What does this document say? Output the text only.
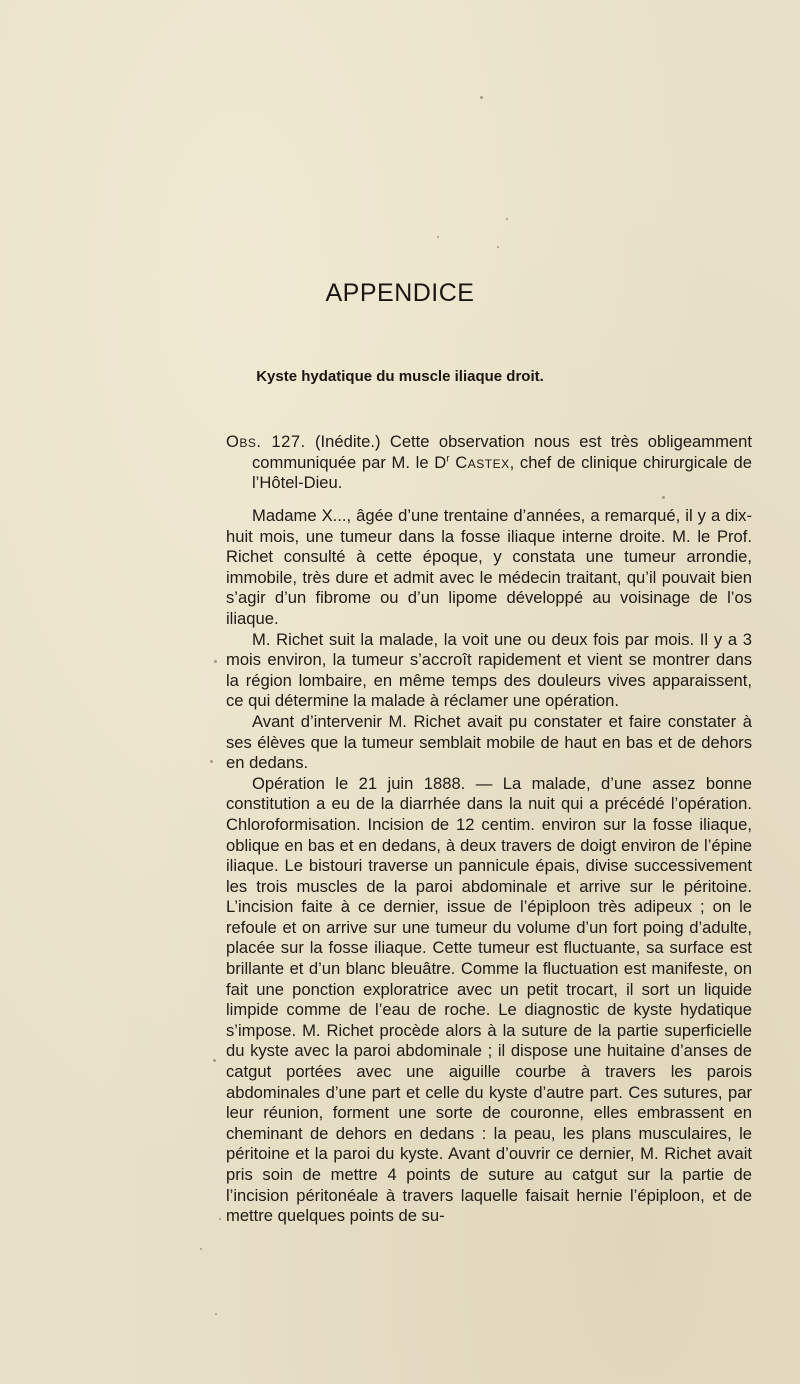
APPENDICE
Kyste hydatique du muscle iliaque droit.

Obs. 127. (Inédite.) Cette observation nous est très obligeamment communiquée par M. le $D^r$ Castex, chef de clinique chirurgicale de l’Hôtel-Dieu.

Madame X..., âgée d’une trentaine d’années, a remarqué, il y a dix-huit mois, une tumeur dans la fosse iliaque interne droite. M. le Prof. Richet consulté à cette époque, y constata une tumeur arrondie, immobile, très dure et admit avec le médecin traitant, qu’il pouvait bien s’agir d’un fibrome ou d’un lipome développé au voisinage de l’os iliaque.

M. Richet suit la malade, la voit une ou deux fois par mois. Il y a 3 mois environ, la tumeur s’accroît rapidement et vient se montrer dans la région lombaire, en même temps des douleurs vives apparaissent, ce qui détermine la malade à réclamer une opération.

Avant d’intervenir M. Richet avait pu constater et faire constater à ses élèves que la tumeur semblait mobile de haut en bas et de dehors en dedans.

Opération le 21 juin 1888. — La malade, d’une assez bonne constitution a eu de la diarrhée dans la nuit qui a précédé l’opération. Chloroformisation. Incision de 12 centim. environ sur la fosse iliaque, oblique en bas et en dedans, à deux travers de doigt environ de l’épine iliaque. Le bistouri traverse un pannicule épais, divise successivement les trois muscles de la paroi abdominale et arrive sur le péritoine. L’incision faite à ce dernier, issue de l’épiploon très adipeux ; on le refoule et on arrive sur une tumeur du volume d’un fort poing d’adulte, placée sur la fosse iliaque. Cette tumeur est fluctuante, sa surface est brillante et d’un blanc bleuâtre. Comme la fluctuation est manifeste, on fait une ponction exploratrice avec un petit trocart, il sort un liquide limpide comme de l’eau de roche. Le diagnostic de kyste hydatique s’impose. M. Richet procède alors à la suture de la partie superficielle du kyste avec la paroi abdominale ; il dispose une huitaine d’anses de catgut portées avec une aiguille courbe à travers les parois abdominales d’une part et celle du kyste d’autre part. Ces sutures, par leur réunion, forment une sorte de couronne, elles embrassent en cheminant de dehors en dedans : la peau, les plans musculaires, le péritoine et la paroi du kyste. Avant d’ouvrir ce dernier, M. Richet avait pris soin de mettre 4 points de suture au catgut sur la partie de l’incision péritonéale à travers laquelle faisait hernie l’épiploon, et de mettre quelques points de su-
